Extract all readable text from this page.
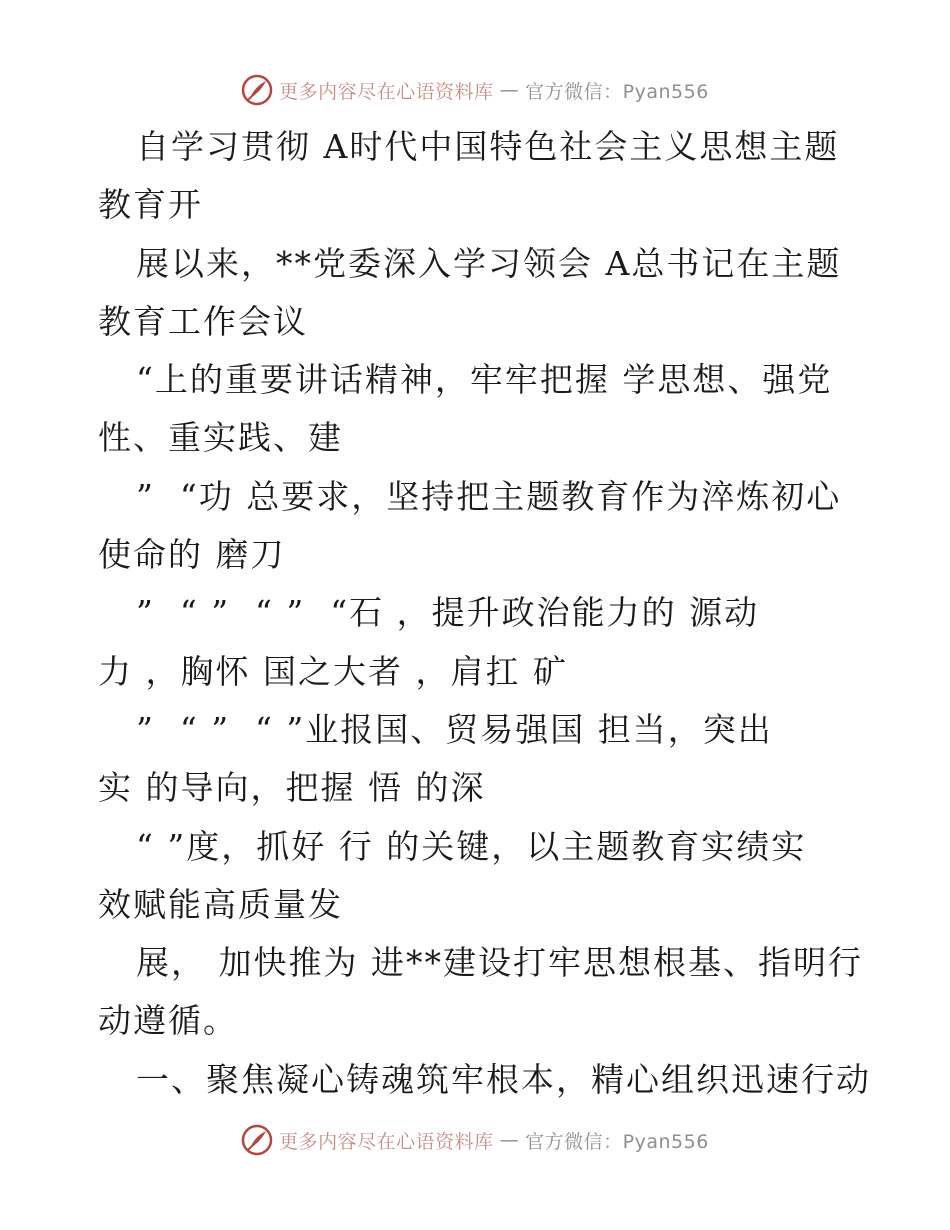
更多内容尽在心语资料库 — 官方微信：Pyan556
自学习贯彻 A时代中国特色社会主义思想主题
教育开
展以来，**党委深入学习领会 A总书记在主题
教育工作会议
“上的重要讲话精神，牢牢把握 学思想、强党
性、重实践、建
”  “功 总要求，坚持把主题教育作为淬炼初心
使命的 磨刀
”  “ ”  “ ”  “石 ，提升政治能力的 源动
力 ，胸怀 国之大者 ，肩扛 矿
”  “ ”  “ ”业报国、贸易强国 担当，突出
实 的导向，把握 悟 的深
“ ”度，抓好 行 的关键，以主题教育实绩实
效赋能高质量发
展， 加快推为 进**建设打牢思想根基、指明行
动遵循。
一、聚焦凝心铸魂筑牢根本，精心组织迅速行动
更多内容尽在心语资料库 — 官方微信：Pyan556
